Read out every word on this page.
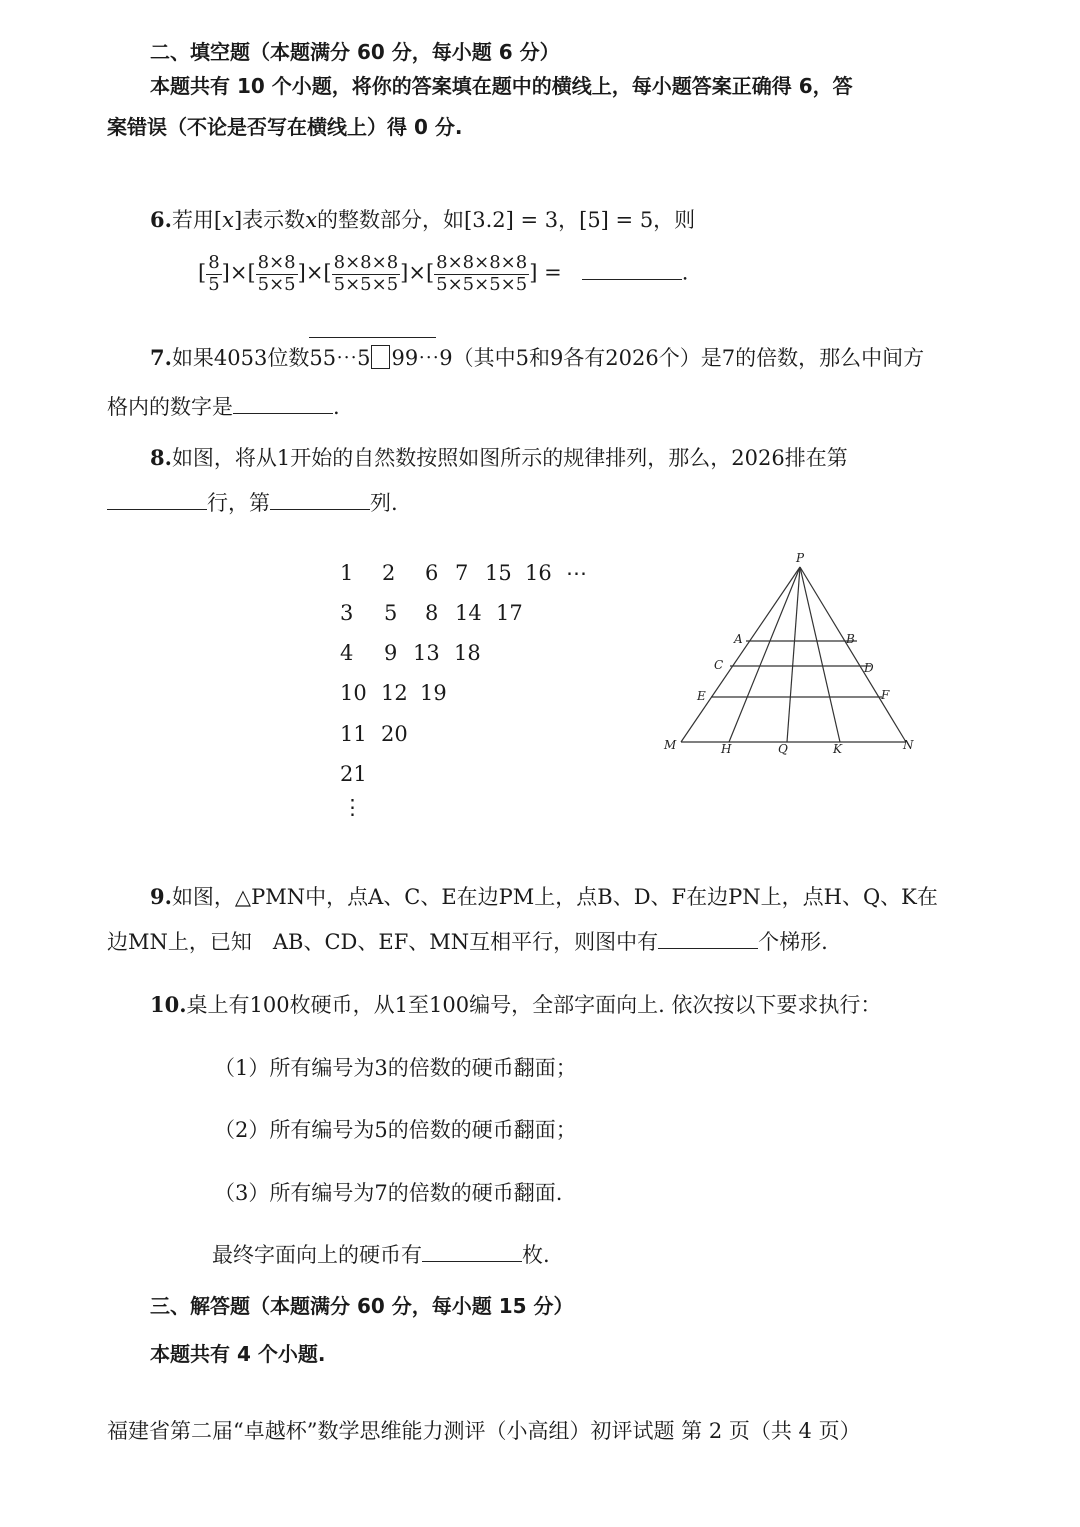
二、填空题（本题满分 60 分，每小题 6 分）
本题共有 10 个小题，将你的答案填在题中的横线上，每小题答案正确得 6，答
案错误（不论是否写在横线上）得 0 分.
6.若用[x]表示数x的整数部分，如[3.2] = 3，[5] = 5，则
[ $\frac{8}{5}$ ]×[ $\frac{8\times 8}{5\times 5}$ ]×[ $\frac{8\times 8\times 8}{5\times 5\times 5}$ ]×[ $\frac{8\times 8\times 8\times 8}{5\times 5\times 5\times 5}$ ] =	.
7.如果4053位数55⋯5 99⋯9（其中5和9各有2026个）是7的倍数，那么中间方
格内的数字是	.
8.如图，将从1开始的自然数按照如图所示的规律排列，那么，2026排在第
行，第	列.
1 2 6 7 15 16 ⋯
3 5 8 14 17
4 9 13 18
10 12 19
11 20
21
⋮
P
A	B
C	D
E	F
M	H	Q	K	N
9.如图，△PMN中，点A、C、E在边PM上，点B、D、F在边PN上，点H、Q、K在
边MN上，已知　AB、CD、EF、MN互相平行，则图中有	个梯形.
10.桌上有100枚硬币，从1至100编号，全部字面向上. 依次按以下要求执行：
（1）所有编号为3的倍数的硬币翻面；
（2）所有编号为5的倍数的硬币翻面；
（3）所有编号为7的倍数的硬币翻面.
最终字面向上的硬币有	枚.
三、解答题（本题满分 60 分，每小题 15 分）
本题共有 4 个小题.
福建省第二届“卓越杯”数学思维能力测评（小高组）初评试题 第 2 页（共 4 页）
